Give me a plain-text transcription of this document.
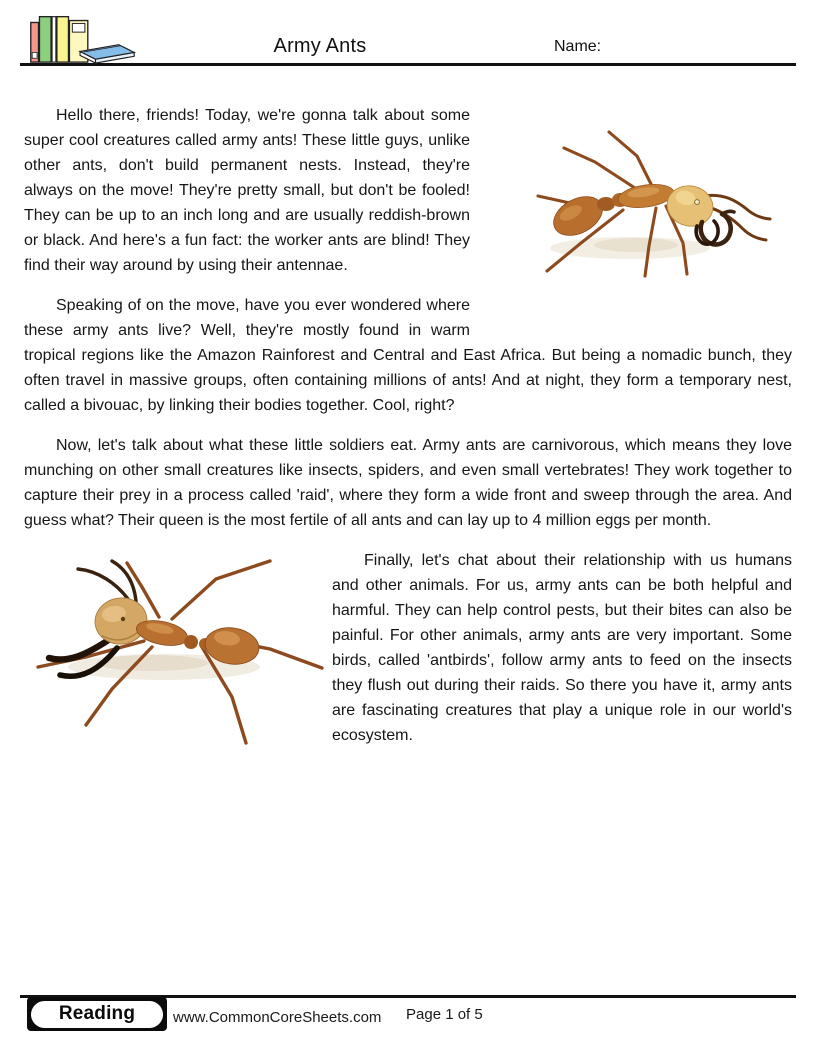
Army Ants	Name:

Hello there, friends! Today, we're gonna talk about some super cool creatures called army ants! These little guys, unlike other ants, don't build permanent nests. Instead, they're always on the move! They're pretty small, but don't be fooled! They can be up to an inch long and are usually reddish-brown or black. And here's a fun fact: the worker ants are blind! They find their way around by using their antennae.

Speaking of on the move, have you ever wondered where these army ants live? Well, they're mostly found in warm tropical regions like the Amazon Rainforest and Central and East Africa. But being a nomadic bunch, they often travel in massive groups, often containing millions of ants! And at night, they form a temporary nest, called a bivouac, by linking their bodies together. Cool, right?

Now, let's talk about what these little soldiers eat. Army ants are carnivorous, which means they love munching on other small creatures like insects, spiders, and even small vertebrates! They work together to capture their prey in a process called 'raid', where they form a wide front and sweep through the area. And guess what? Their queen is the most fertile of all ants and can lay up to 4 million eggs per month.

Finally, let's chat about their relationship with us humans and other animals. For us, army ants can be both helpful and harmful. They can help control pests, but their bites can also be painful. For other animals, army ants are very important. Some birds, called 'antbirds', follow army ants to feed on the insects they flush out during their raids. So there you have it, army ants are fascinating creatures that play a unique role in our world's ecosystem.

Reading	www.CommonCoreSheets.com Page 1 of 5
